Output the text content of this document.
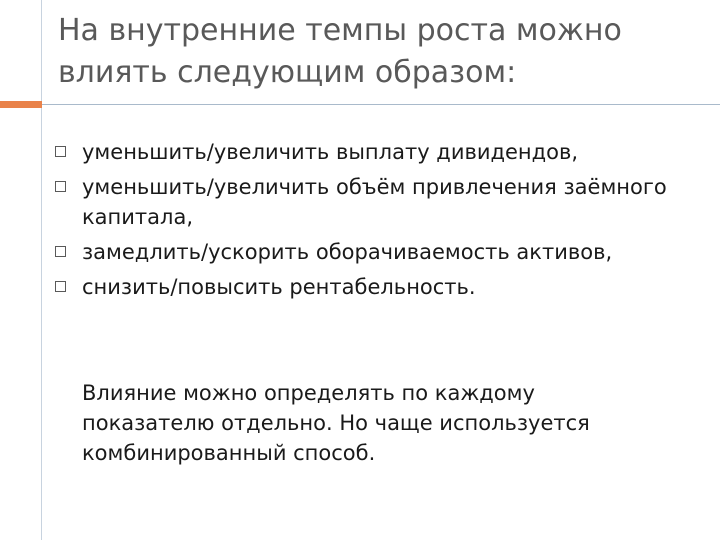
На внутренние темпы роста можно влиять следующим образом:
уменьшить/увеличить выплату дивидендов,
уменьшить/увеличить объём привлечения заёмного капитала,
замедлить/ускорить оборачиваемость активов,
снизить/повысить рентабельность.

Влияние можно определять по каждому
показателю отдельно. Но чаще используется
комбинированный способ.
